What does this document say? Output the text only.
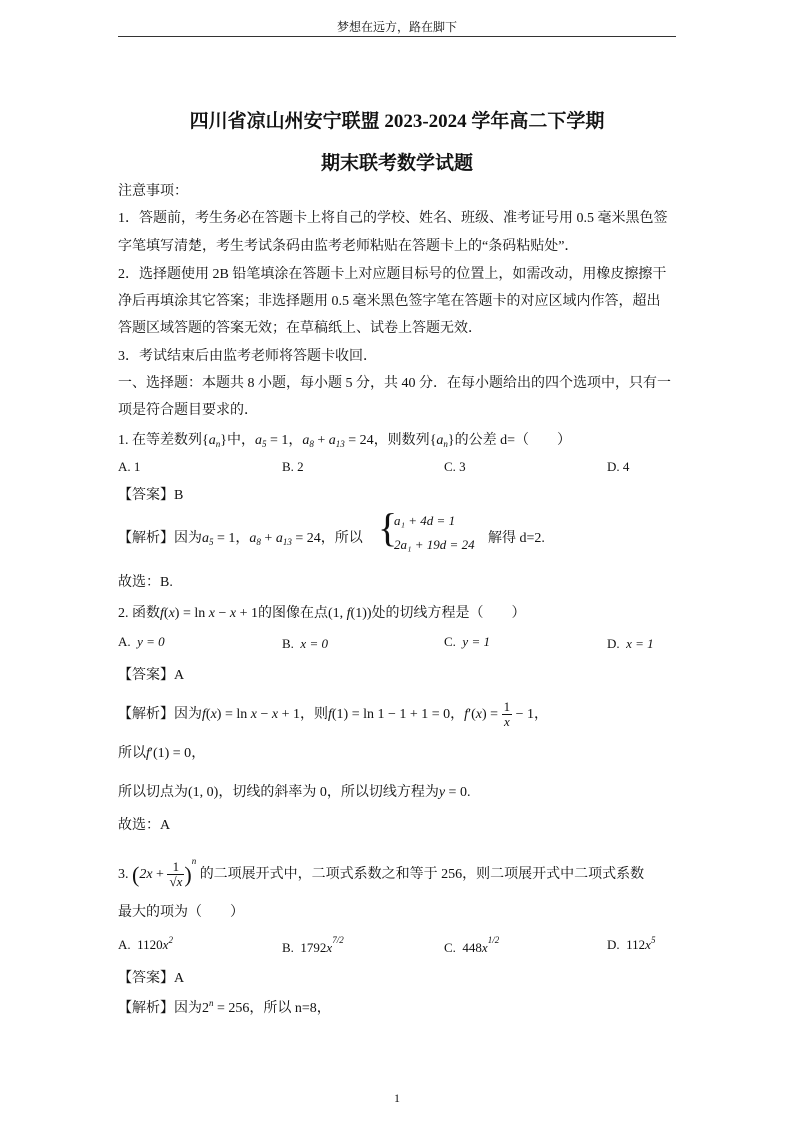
梦想在远方，路在脚下
四川省凉山州安宁联盟 2023-2024 学年高二下学期
期末联考数学试题
注意事项：
1．答题前，考生务必在答题卡上将自己的学校、姓名、班级、准考证号用 0.5 毫米黑色签
字笔填写清楚，考生考试条码由监考老师粘贴在答题卡上的“条码粘贴处”．
2．选择题使用 2B 铅笔填涂在答题卡上对应题目标号的位置上，如需改动，用橡皮擦擦干
净后再填涂其它答案；非选择题用 0.5 毫米黑色签字笔在答题卡的对应区域内作答，超出
答题区域答题的答案无效；在草稿纸上、试卷上答题无效．
3．考试结束后由监考老师将答题卡收回．
一、选择题：本题共 8 小题，每小题 5 分，共 40 分．在每小题给出的四个选项中，只有一
项是符合题目要求的．
1. 在等差数列$\{a_n\}$中，$a_5 = 1$，$a_8 + a_{13} = 24$，则数列$\{a_n\}$的公差 d=（　　）
A. 1	B. 2	C. 3	D. 4
【答案】B
【解析】因为$a_5 = 1$，$a_8 + a_{13} = 24$，所以 {
a₁ + 4d = 1
2a₁ + 19d = 24 解得 d=2.
故选：B.
2. 函数f(x) = ln x − x + 1的图像在点(1, f(1))处的切线方程是（　　）
A. y = 0	B. x = 0	C. y = 1	D. x = 1
【答案】A
【解析】因为f(x) = ln x − x + 1，则f(1) = ln 1 − 1 + 1 = 0，$f'(x) = \frac{1}{x} - 1$，
所以f′(1) = 0，
所以切点为(1, 0)，切线的斜率为 0，所以切线方程为y = 0.
故选：A
3. $(2x + \frac{1}{√x} )^n$ 的二项展开式中，二项式系数之和等于 256，则二项展开式中二项式系数
最大的项为（　　）
A. $1120x^2$	B. $1792x^{7/2}$	C. $448x^{1/2}$	D. $112x^5$
【答案】A
【解析】因为$2^n = 256$，所以 n=8，
1
